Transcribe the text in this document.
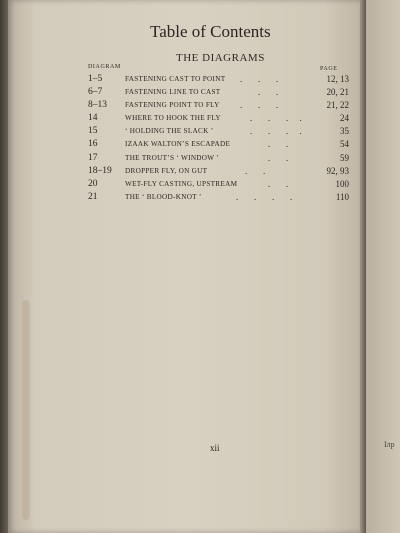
Table of Contents
THE DIAGRAMS
DIAGRAM	PAGE
1–5	FASTENING CAST TO POINT .       .       .	12, 13
6–7	FASTENING LINE TO CAST .       .	20, 21
8–13	FASTENING POINT TO FLY .       .       .	21, 22
14	WHERE TO HOOK THE FLY	.       .       .     .	24
15	‘ HOLDING THE SLACK ’	.       .       .     .	35
16	IZAAK WALTON’S ESCAPADE	.       .	54
17	THE TROUT’S ‘ WINDOW ’	.       .	59
18–19 DROPPER FLY, ON GUT	.       .	92, 93
20	WET-FLY CASTING, UPSTREAM	.       .	100
21	THE ‘ BLOOD-KNOT ’	.       .       .       .	110
xii	Ілр
